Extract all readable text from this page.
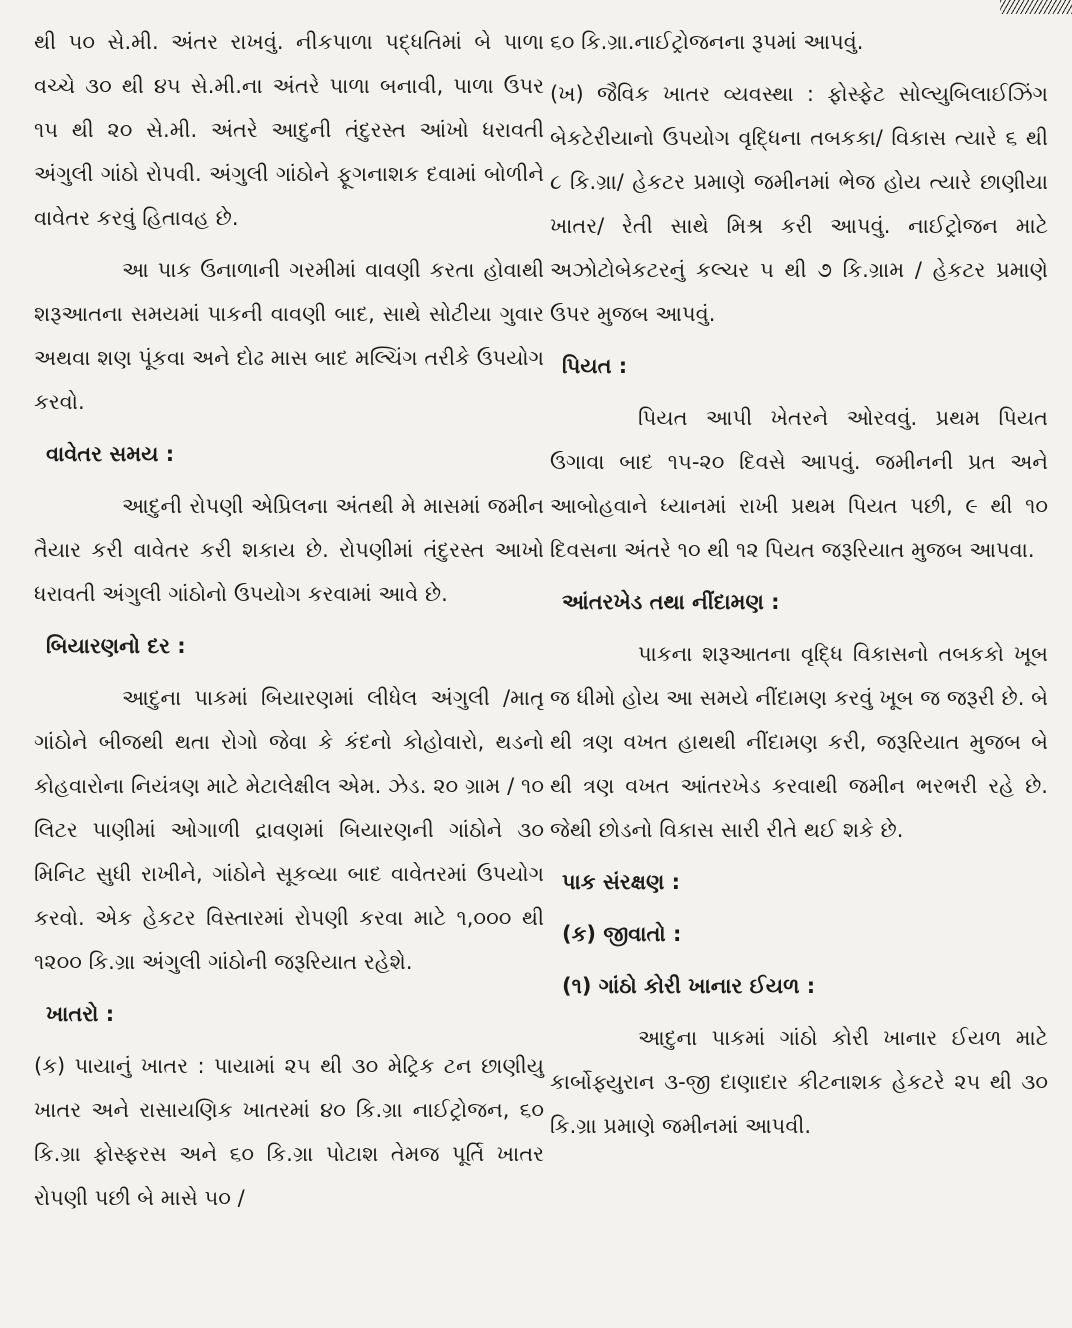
થી ૫૦ સે.મી. અંતર રાખવું. નીકપાળા પદ્ધતિમાં બે પાળા વચ્ચે ૩૦ થી ૪૫ સે.મી.ના અંતરે પાળા બનાવી, પાળા ઉપર ૧૫ થી ૨૦ સે.મી. અંતરે આદુની તંદુરસ્ત આંખો ધરાવતી અંગુલી ગાંઠો રોપવી. અંગુલી ગાંઠોને ફૂગનાશક દવામાં બોળીને વાવેતર કરવું હિતાવહ છે.

આ પાક ઉનાળાની ગરમીમાં વાવણી કરતા હોવાથી શરૂઆતના સમયમાં પાકની વાવણી બાદ, સાથે સોટીયા ગુવાર અથવા શણ પૂંકવા અને દોઢ માસ બાદ મલ્ચિંગ તરીકે ઉપયોગ કરવો.

વાવેતર સમય :

આદુની રોપણી એપ્રિલના અંતથી મે માસમાં જમીન તૈયાર કરી વાવેતર કરી શકાય છે. રોપણીમાં તંદુરસ્ત આખો ધરાવતી અંગુલી ગાંઠોનો ઉપયોગ કરવામાં આવે છે.

બિયારણનો દર :

આદુના પાકમાં બિયારણમાં લીધેલ અંગુલી /માતૃ ગાંઠોને બીજથી થતા રોગો જેવા કે કંદનો કોહોવારો, થડનો કોહવારોના નિયંત્રણ માટે મેટાલેક્ષીલ એમ. ઝેડ. ૨૦ ગ્રામ / ૧૦ લિટર પાણીમાં ઓગાળી દ્રાવણમાં બિયારણની ગાંઠોને ૩૦ મિનિટ સુધી રાખીને, ગાંઠોને સૂકવ્યા બાદ વાવેતરમાં ઉપયોગ કરવો. એક હેકટર વિસ્તારમાં રોપણી કરવા માટે ૧,૦૦૦ થી ૧૨૦૦ કિ.ગ્રા અંગુલી ગાંઠોની જરૂરિયાત રહેશે.

ખાતરો :

(ક) પાયાનું ખાતર : પાયામાં ૨૫ થી ૩૦ મેટ્રિક ટન છાણીયુ ખાતર અને રાસાયણિક ખાતરમાં ૪૦ કિ.ગ્રા નાઈટ્રોજન, ૬૦ કિ.ગ્રા ફોસ્ફરસ અને ૬૦ કિ.ગ્રા પોટાશ તેમજ પૂર્તિ ખાતર રોપણી પછી બે માસે ૫૦ /

૬૦ કિ.ગ્રા.નાઈટ્રોજનના રૂપમાં આપવું.

(ખ) જૈવિક ખાતર વ્યવસ્થા : ફોસ્ફેટ સોલ્યુબિલાઈઝિંગ બેકટેરીયાનો ઉપયોગ વૃદ્ધિના તબકકા/ વિકાસ ત્યારે ૬ થી ૮ કિ.ગ્રા/ હેકટર પ્રમાણે જમીનમાં ભેજ હોય ત્યારે છાણીયા ખાતર/ રેતી સાથે મિશ્ર કરી આપવું. નાઈટ્રોજન માટે અઝોટોબેકટરનું કલ્ચર ૫ થી ૭ કિ.ગ્રામ / હેકટર પ્રમાણે ઉપર મુજબ આપવું.

પિયત :

પિયત આપી ખેતરને ઓરવવું. પ્રથમ પિયત ઉગાવા બાદ ૧૫-૨૦ દિવસે આપવું. જમીનની પ્રત અને આબોહવાને ધ્યાનમાં રાખી પ્રથમ પિયત પછી, ૯ થી ૧૦ દિવસના અંતરે ૧૦ થી ૧૨ પિયત જરૂરિયાત મુજબ આપવા.

આંતરખેડ તથા નીંદામણ :

પાકના શરૂઆતના વૃદ્ધિ વિકાસનો તબકકો ખૂબ જ ધીમો હોય આ સમયે નીંદામણ કરવું ખૂબ જ જરૂરી છે. બે થી ત્રણ વખત હાથથી નીંદામણ કરી, જરૂરિયાત મુજબ બે થી ત્રણ વખત આંતરખેડ કરવાથી જમીન ભરભરી રહે છે. જેથી છોડનો વિકાસ સારી રીતે થઈ શકે છે.

પાક સંરક્ષણ :
(ક) જીવાતો :
(૧) ગાંઠો કોરી ખાનાર ઈયળ :

આદુના પાકમાં ગાંઠો કોરી ખાનાર ઈયળ માટે કાર્બોફ્યુરાન ૩-જી દાણાદાર કીટનાશક હેકટરે ૨૫ થી ૩૦ કિ.ગ્રા પ્રમાણે જમીનમાં આપવી.
